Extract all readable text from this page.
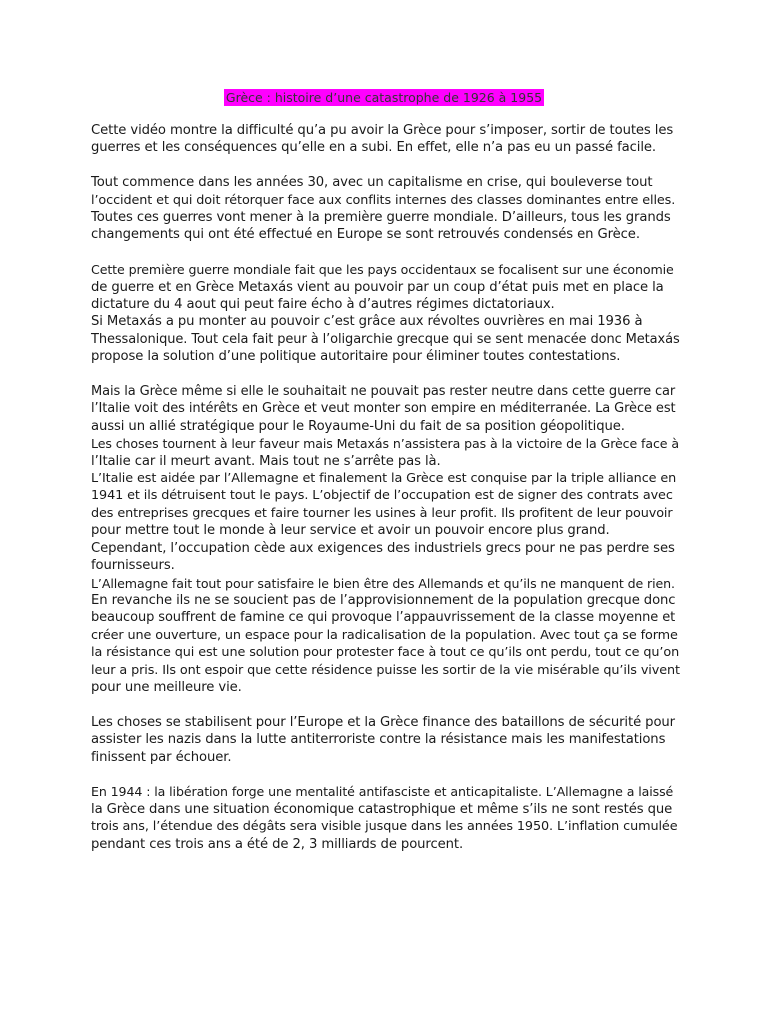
Grèce : histoire d’une catastrophe de 1926 à 1955
Cette vidéo montre la difficulté qu’a pu avoir la Grèce pour s’imposer, sortir de toutes les
guerres et les conséquences qu’elle en a subi. En effet, elle n’a pas eu un passé facile.
Tout commence dans les années 30, avec un capitalisme en crise, qui bouleverse tout
l’occident et qui doit rétorquer face aux conflits internes des classes dominantes entre elles.
Toutes ces guerres vont mener à la première guerre mondiale. D’ailleurs, tous les grands
changements qui ont été effectué en Europe se sont retrouvés condensés en Grèce.
Cette première guerre mondiale fait que les pays occidentaux se focalisent sur une économie
de guerre et en Grèce Metaxás vient au pouvoir par un coup d’état puis met en place la
dictature du 4 aout qui peut faire écho à d’autres régimes dictatoriaux.
Si Metaxás a pu monter au pouvoir c’est grâce aux révoltes ouvrières en mai 1936 à
Thessalonique. Tout cela fait peur à l’oligarchie grecque qui se sent menacée donc Metaxás
propose la solution d’une politique autoritaire pour éliminer toutes contestations.
Mais la Grèce même si elle le souhaitait ne pouvait pas rester neutre dans cette guerre car
l’Italie voit des intérêts en Grèce et veut monter son empire en méditerranée. La Grèce est
aussi un allié stratégique pour le Royaume-Uni du fait de sa position géopolitique.
Les choses tournent à leur faveur mais Metaxás n’assistera pas à la victoire de la Grèce face à
l’Italie car il meurt avant. Mais tout ne s’arrête pas là.
L’Italie est aidée par l’Allemagne et finalement la Grèce est conquise par la triple alliance en
1941 et ils détruisent tout le pays. L’objectif de l’occupation est de signer des contrats avec
des entreprises grecques et faire tourner les usines à leur profit. Ils profitent de leur pouvoir
pour mettre tout le monde à leur service et avoir un pouvoir encore plus grand.
Cependant, l’occupation cède aux exigences des industriels grecs pour ne pas perdre ses
fournisseurs.
L’Allemagne fait tout pour satisfaire le bien être des Allemands et qu’ils ne manquent de rien.
En revanche ils ne se soucient pas de l’approvisionnement de la population grecque donc
beaucoup souffrent de famine ce qui provoque l’appauvrissement de la classe moyenne et
créer une ouverture, un espace pour la radicalisation de la population. Avec tout ça se forme
la résistance qui est une solution pour protester face à tout ce qu’ils ont perdu, tout ce qu’on
leur a pris. Ils ont espoir que cette résidence puisse les sortir de la vie misérable qu’ils vivent
pour une meilleure vie.
Les choses se stabilisent pour l’Europe et la Grèce finance des bataillons de sécurité pour
assister les nazis dans la lutte antiterroriste contre la résistance mais les manifestations
finissent par échouer.
En 1944 : la libération forge une mentalité antifasciste et anticapitaliste. L’Allemagne a laissé
la Grèce dans une situation économique catastrophique et même s’ils ne sont restés que
trois ans, l’étendue des dégâts sera visible jusque dans les années 1950. L’inflation cumulée
pendant ces trois ans a été de 2, 3 milliards de pourcent.
